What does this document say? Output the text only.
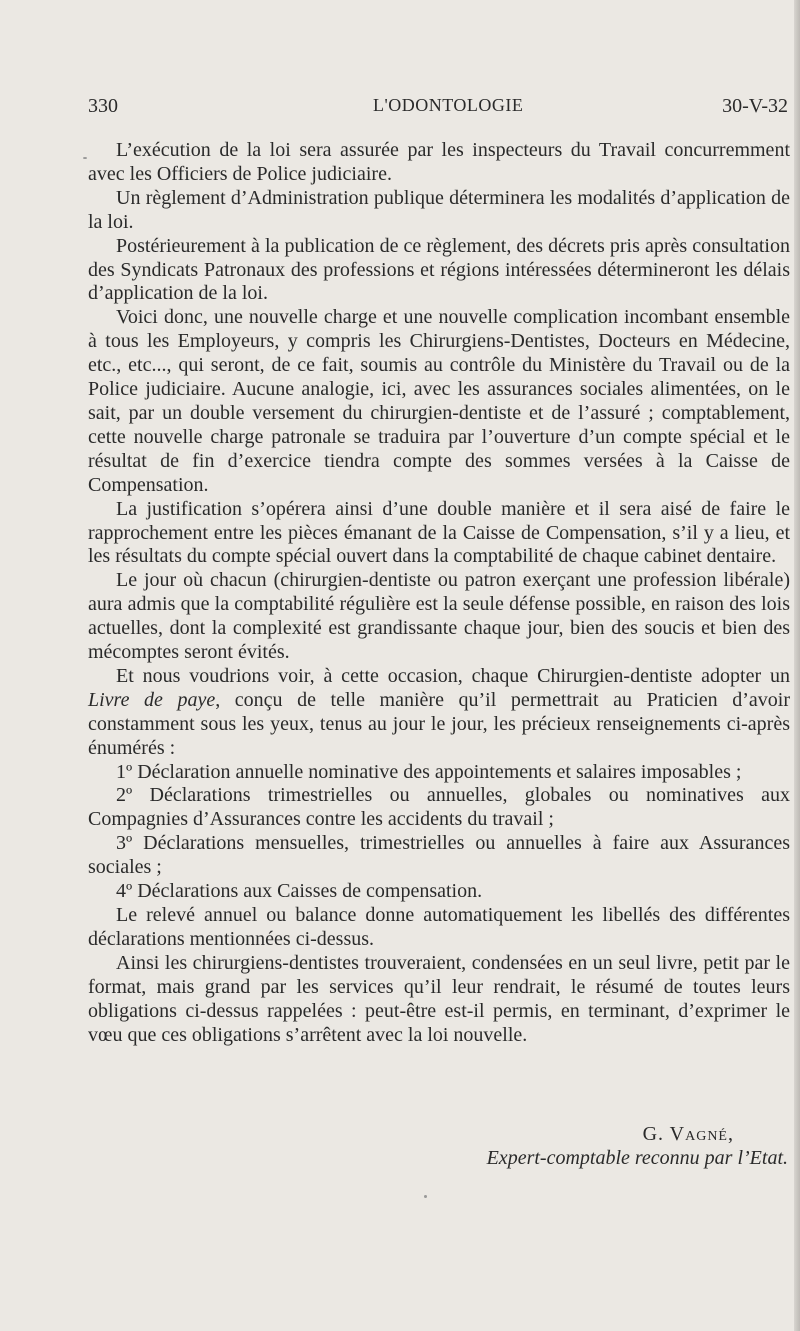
330	L'ODONTOLOGIE	30-V-32

L’exécution de la loi sera assurée par les inspecteurs du Travail concurremment avec les Officiers de Police judiciaire.

Un règlement d’Administration publique déterminera les modalités d’application de la loi.

Postérieurement à la publication de ce règlement, des décrets pris après consultation des Syndicats Patronaux des professions et régions intéressées détermineront les délais d’application de la loi.

Voici donc, une nouvelle charge et une nouvelle complication incombant ensemble à tous les Employeurs, y compris les Chirurgiens-Dentistes, Docteurs en Médecine, etc., etc..., qui seront, de ce fait, soumis au contrôle du Ministère du Travail ou de la Police judiciaire. Aucune analogie, ici, avec les assurances sociales alimentées, on le sait, par un double versement du chirurgien-dentiste et de l’assuré ; comptablement, cette nouvelle charge patronale se traduira par l’ouverture d’un compte spécial et le résultat de fin d’exercice tiendra compte des sommes versées à la Caisse de Compensation.

La justification s’opérera ainsi d’une double manière et il sera aisé de faire le rapprochement entre les pièces émanant de la Caisse de Compensation, s’il y a lieu, et les résultats du compte spécial ouvert dans la comptabilité de chaque cabinet dentaire.

Le jour où chacun (chirurgien-dentiste ou patron exerçant une profession libérale) aura admis que la comptabilité régulière est la seule défense possible, en raison des lois actuelles, dont la complexité est grandissante chaque jour, bien des soucis et bien des mécomptes seront évités.

Et nous voudrions voir, à cette occasion, chaque Chirurgien-dentiste adopter un Livre de paye, conçu de telle manière qu’il permettrait au Praticien d’avoir constamment sous les yeux, tenus au jour le jour, les précieux renseignements ci-après énumérés :

1º Déclaration annuelle nominative des appointements et salaires imposables ;

2º Déclarations trimestrielles ou annuelles, globales ou nominatives aux Compagnies d’Assurances contre les accidents du travail ;

3º Déclarations mensuelles, trimestrielles ou annuelles à faire aux Assurances sociales ;

4º Déclarations aux Caisses de compensation.

Le relevé annuel ou balance donne automatiquement les libellés des différentes déclarations mentionnées ci-dessus.

Ainsi les chirurgiens-dentistes trouveraient, condensées en un seul livre, petit par le format, mais grand par les services qu’il leur rendrait, le résumé de toutes leurs obligations ci-dessus rappelées : peut-être est-il permis, en terminant, d’exprimer le vœu que ces obligations s’arrêtent avec la loi nouvelle.

G. Vagné,
Expert-comptable reconnu par l’Etat.
